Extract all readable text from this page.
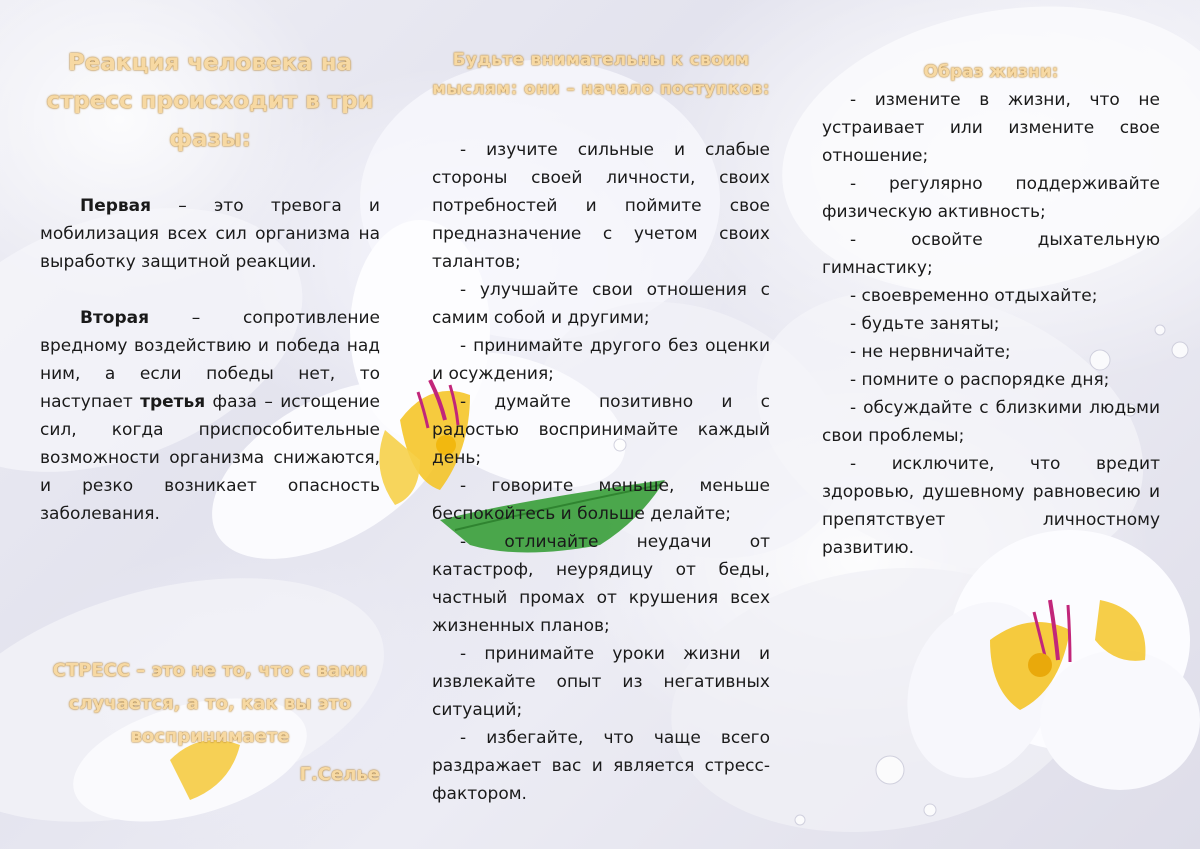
Реакция человека на стресс происходит в три фазы:

Первая – это тревога и мобилизация всех сил организма на выработку защитной реакции.

Вторая – сопротивление вредному воздействию и победа над ним, а если победы нет, то наступает третья фаза – истощение сил, когда приспособительные возможности организма снижаются, и резко возникает опасность заболевания.

СТРЕСС – это не то, что с вами случается, а то, как вы это воспринимаете
Г.Селье
Будьте внимательны к своим мыслям: они – начало поступков:
- изучите сильные и слабые стороны своей личности, своих потребностей и поймите свое предназначение с учетом своих талантов;
- улучшайте свои отношения с самим собой и другими;
- принимайте другого без оценки и осуждения;
- думайте позитивно и с радостью воспринимайте каждый день;
- говорите меньше, меньше беспокойтесь и больше делайте;
- отличайте неудачи от катастроф, неурядицу от беды, частный промах от крушения всех жизненных планов;
- принимайте уроки жизни и извлекайте опыт из негативных ситуаций;
- избегайте, что чаще всего раздражает вас и является стресс-фактором.
Образ жизни:
- измените в жизни, что не устраивает или измените свое отношение;
- регулярно поддерживайте физическую активность;
- освойте дыхательную гимнастику;
- своевременно отдыхайте;
- будьте заняты;
- не нервничайте;
- помните о распорядке дня;
- обсуждайте с близкими людьми свои проблемы;
- исключите, что вредит здоровью, душевному равновесию и препятствует личностному развитию.
